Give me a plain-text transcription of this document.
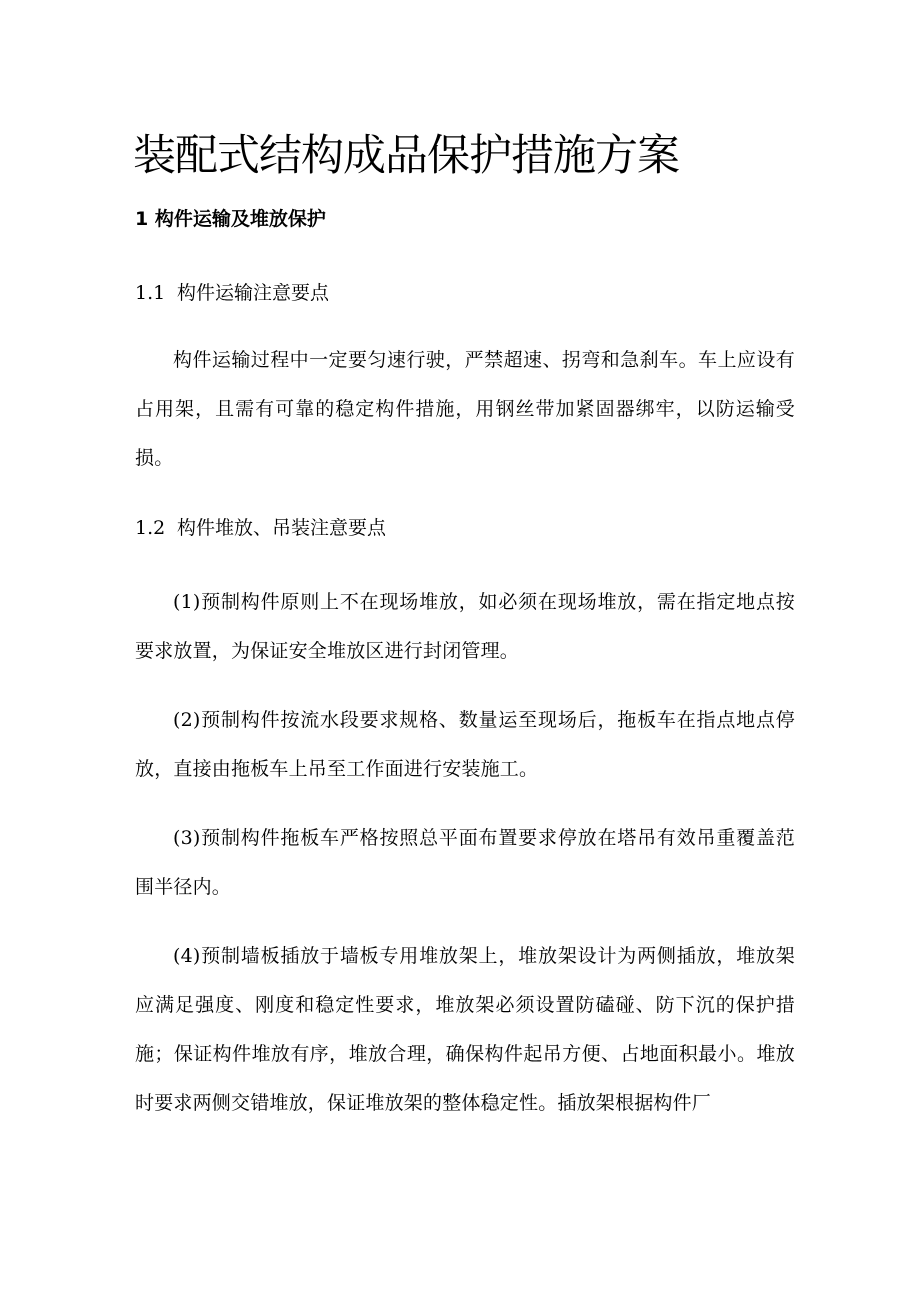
装配式结构成品保护措施方案
1 构件运输及堆放保护
1.1 构件运输注意要点

构件运输过程中一定要匀速行驶，严禁超速、拐弯和急刹车。车上应设有占用架，且需有可靠的稳定构件措施，用钢丝带加紧固器绑牢，以防运输受损。

1.2 构件堆放、吊装注意要点

(1)预制构件原则上不在现场堆放，如必须在现场堆放，需在指定地点按要求放置，为保证安全堆放区进行封闭管理。

(2)预制构件按流水段要求规格、数量运至现场后，拖板车在指点地点停放，直接由拖板车上吊至工作面进行安装施工。

(3)预制构件拖板车严格按照总平面布置要求停放在塔吊有效吊重覆盖范围半径内。

(4)预制墙板插放于墙板专用堆放架上，堆放架设计为两侧插放，堆放架应满足强度、刚度和稳定性要求，堆放架必须设置防磕碰、防下沉的保护措施；保证构件堆放有序，堆放合理，确保构件起吊方便、占地面积最小。堆放时要求两侧交错堆放，保证堆放架的整体稳定性。插放架根据构件厂
